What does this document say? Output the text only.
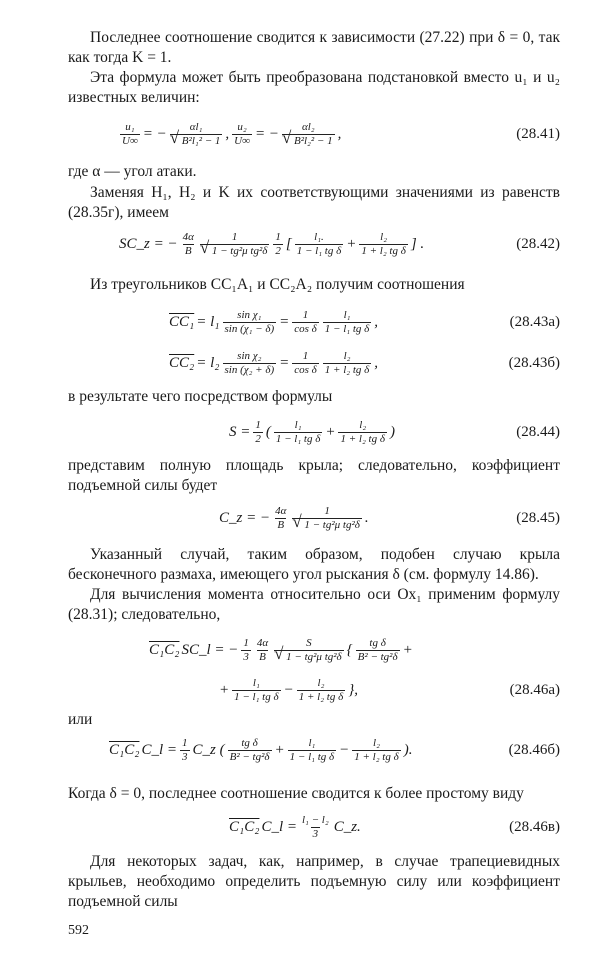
Последнее соотношение сводится к зависимости (27.22) при δ = 0, так как тогда K = 1.

Эта формула может быть преобразована подстановкой вместо u₁ и u₂ известных величин:

$\frac{\text{u₁}}{U\infty}$ = − αl₁
√ B²l₁² − 1 , $\frac{\text{u₂}}{U\infty}$ = − αl₂
√ B²l₂² − 1 ,	(28.41)

где α — угол атаки.

Заменяя H₁, H₂ и K их соответствующими значениями из равенств (28.35г), имеем

SC_z = − $\frac{4\alpha}{B} 1$
√ 1 − tg²μ $tg^2\delta \frac{1}{2}$ [ $\frac{\text{l₁.}}{\text{1 − l₁ tg δ}} + \frac{\text{l₂}}{\text{1 + l₂ tg δ}}$ ] .	(28.42)

Из треугольников CC₁A₁ и CC₂A₂ получим соотношения

$CC_1 = l_1 \frac{\text{sin χ₁}}{\text{sin (χ₁ − δ)}} = \frac{1}{\text{cos δ}} \frac{\text{l₁}}{\text{1 − l₁ tg δ}}$ ,	(28.43а)
$CC_2 = l_2 \frac{\text{sin χ₂}}{\text{sin (χ₂ + δ)}} = \frac{1}{\text{cos δ}} \frac{\text{l₂}}{\text{1 + l₂ tg δ}}$ ,	(28.43б)

в результате чего посредством формулы

$S = \frac{1}{2}$ ( $\frac{\text{l₁}}{\text{1 − l₁ tg δ}} + \frac{\text{l₂}}{\text{1 + l₂ tg δ}}$ )	(28.44)

представим полную площадь крыла; следовательно, коэффициент подъемной силы будет

C_z = − $\frac{4\alpha}{B} 1$
√ 1 − tg²μ tg²δ .	(28.45)

Указанный случай, таким образом, подобен случаю крыла бесконечного размаха, имеющего угол рыскания δ (см. формулу 14.86).

Для вычисления момента относительно оси Ox₁ применим формулу (28.31); следовательно,

C₁C₂ SC_l = − $\frac{1}{3} \frac{4\alpha}{B}$ S
√ 1 − tg²μ tg²δ { $\frac{\text{tg δ}}{\text{B² − tg²δ}}$ +
+ $\frac{\text{l₁}}{\text{1 − l₁ tg δ}} - \frac{\text{l₂}}{\text{1 + l₂ tg δ}}$ },	(28.46а)

или

C₁C₂ C_l = $\frac{1}{3}$ C_z ( $\frac{\text{tg δ}}{\text{B² − tg²δ}} + \frac{\text{l₁}}{\text{1 − l₁ tg δ}} - \frac{\text{l₂}}{\text{1 + l₂ tg δ}}$ ).	(28.46б)

Когда δ = 0, последнее соотношение сводится к более простому виду

C₁C₂ C_l = $\frac{\text{l₁ − l₂}}{3}$ C_z.	(28.46в)

Для некоторых задач, как, например, в случае трапециевидных крыльев, необходимо определить подъемную силу или коэффициент подъемной силы

592
